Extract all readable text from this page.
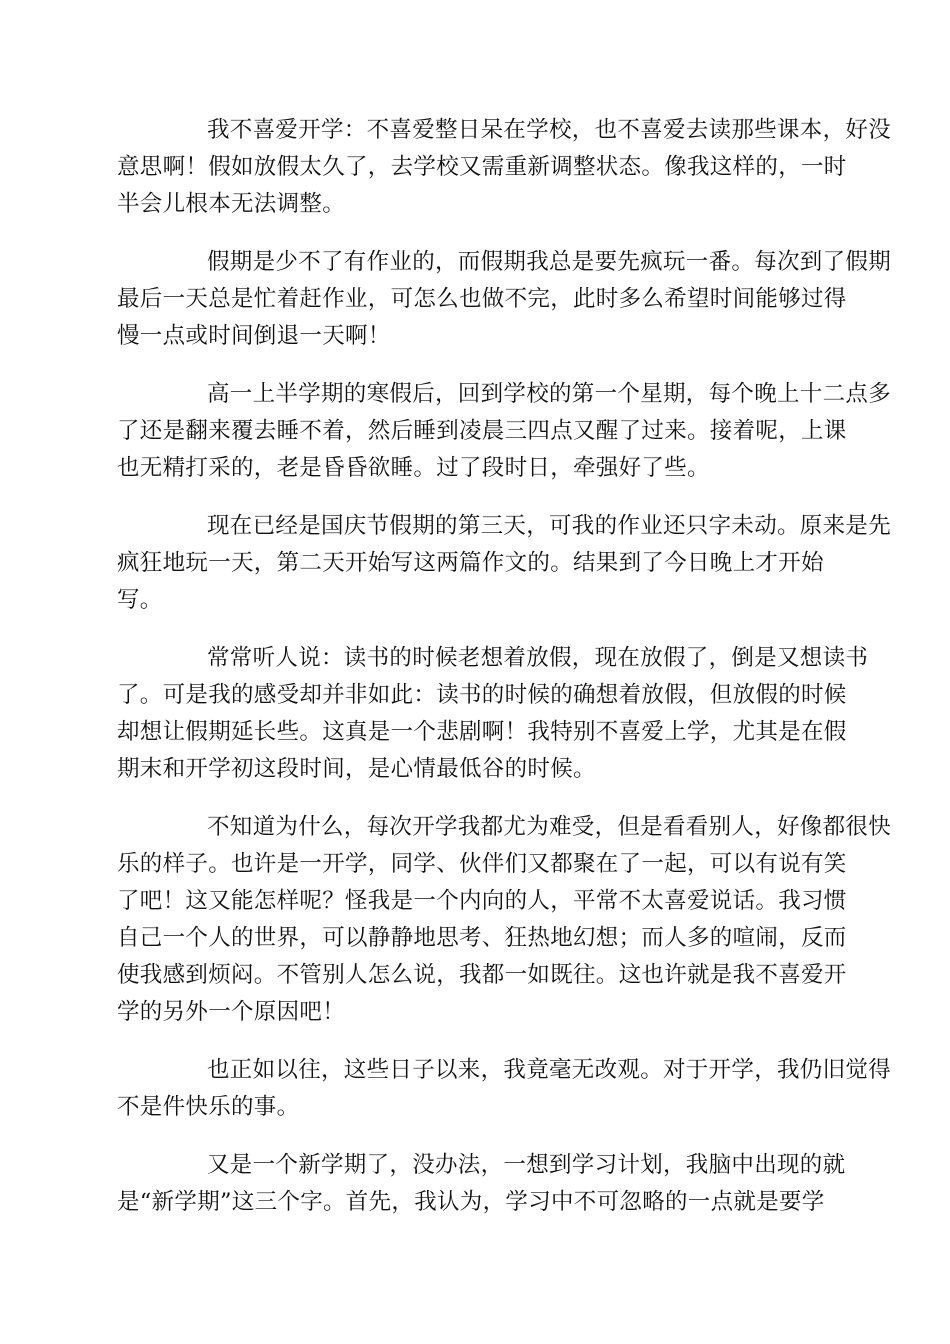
我不喜爱开学：不喜爱整日呆在学校，也不喜爱去读那些课本，好没
意思啊！假如放假太久了，去学校又需重新调整状态。像我这样的，一时
半会儿根本无法调整。

假期是少不了有作业的，而假期我总是要先疯玩一番。每次到了假期
最后一天总是忙着赶作业，可怎么也做不完，此时多么希望时间能够过得
慢一点或时间倒退一天啊！

高一上半学期的寒假后，回到学校的第一个星期，每个晚上十二点多
了还是翻来覆去睡不着，然后睡到凌晨三四点又醒了过来。接着呢，上课
也无精打采的，老是昏昏欲睡。过了段时日，牵强好了些。

现在已经是国庆节假期的第三天，可我的作业还只字未动。原来是先
疯狂地玩一天，第二天开始写这两篇作文的。结果到了今日晚上才开始
写。

常常听人说：读书的时候老想着放假，现在放假了，倒是又想读书
了。可是我的感受却并非如此：读书的时候的确想着放假，但放假的时候
却想让假期延长些。这真是一个悲剧啊！我特别不喜爱上学，尤其是在假
期末和开学初这段时间，是心情最低谷的时候。

不知道为什么，每次开学我都尤为难受，但是看看别人，好像都很快
乐的样子。也许是一开学，同学、伙伴们又都聚在了一起，可以有说有笑
了吧！这又能怎样呢？怪我是一个内向的人，平常不太喜爱说话。我习惯
自己一个人的世界，可以静静地思考、狂热地幻想；而人多的喧闹，反而
使我感到烦闷。不管别人怎么说，我都一如既往。这也许就是我不喜爱开
学的另外一个原因吧！

也正如以往，这些日子以来，我竟毫无改观。对于开学，我仍旧觉得
不是件快乐的事。

又是一个新学期了，没办法，一想到学习计划，我脑中出现的就
是“新学期”这三个字。首先，我认为，学习中不可忽略的一点就是要学
